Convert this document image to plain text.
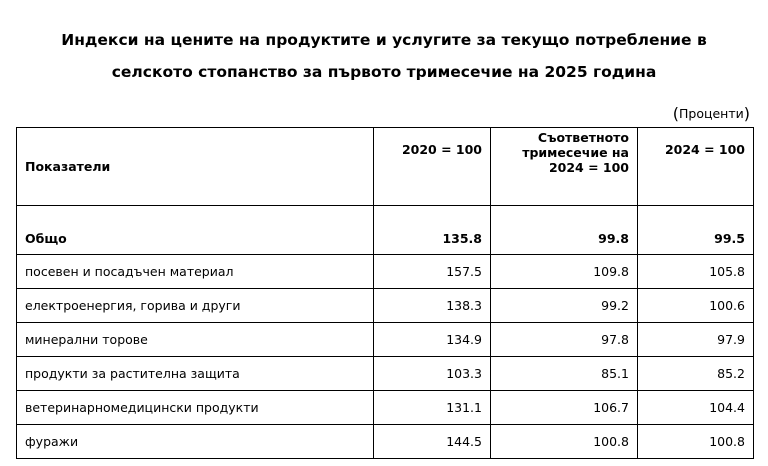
Индекси на цените на продуктите и услугите за текущо потребление в
селското стопанство за първото тримесечие на 2025 година
(Проценти)
Показатели	2020 = 100	Съответното тримесечие на 2024 = 100	2024 = 100
Общо	135.8	99.8	99.5
посевен и посадъчен материал	157.5	109.8	105.8
електроенергия, горива и други	138.3	99.2	100.6
минерални торове	134.9	97.8	97.9
продукти за растителна защита	103.3	85.1	85.2
ветеринарномедицински продукти	131.1	106.7	104.4
фуражи	144.5	100.8	100.8
